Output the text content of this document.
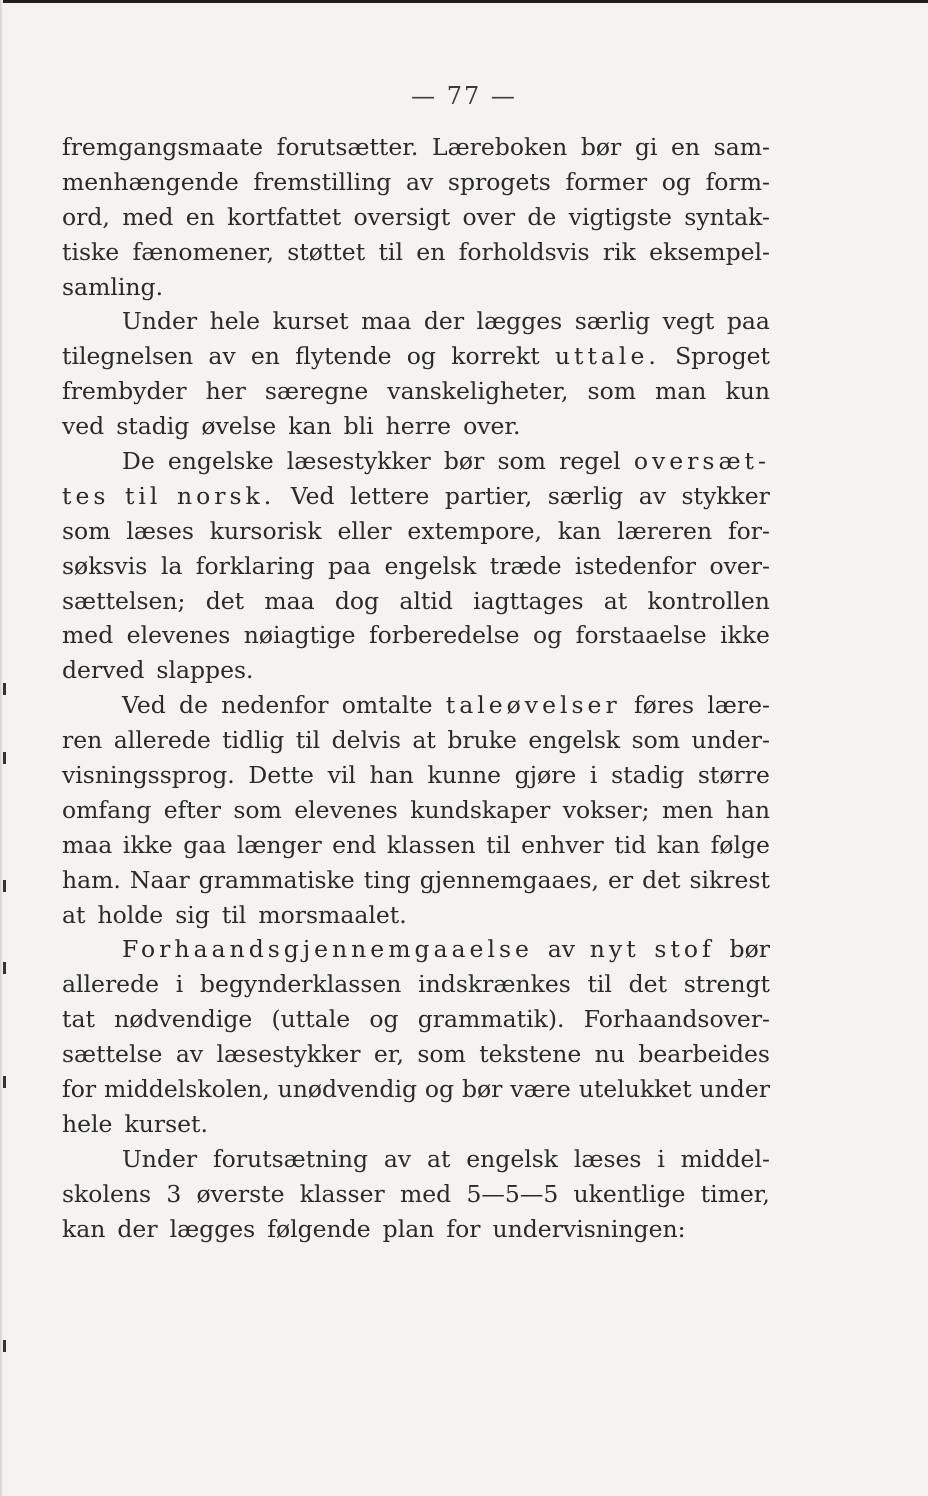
— 77 —
fremgangsmaate forutsætter. Læreboken bør gi en sam-
menhængende fremstilling av sprogets former og form-
ord, med en kortfattet oversigt over de vigtigste syntak-
tiske fænomener, støttet til en forholdsvis rik eksempel-
samling.
Under hele kurset maa der lægges særlig vegt paa
tilegnelsen av en flytende og korrekt uttale. Sproget
frembyder her særegne vanskeligheter, som man kun
ved stadig øvelse kan bli herre over.
De engelske læsestykker bør som regel oversæt-
tes til norsk. Ved lettere partier, særlig av stykker
som læses kursorisk eller extempore, kan læreren for-
søksvis la forklaring paa engelsk træde istedenfor over-
sættelsen; det maa dog altid iagttages at kontrollen
med elevenes nøiagtige forberedelse og forstaaelse ikke
derved slappes.
Ved de nedenfor omtalte taleøvelser føres lære-
ren allerede tidlig til delvis at bruke engelsk som under-
visningssprog. Dette vil han kunne gjøre i stadig større
omfang efter som elevenes kundskaper vokser; men han
maa ikke gaa længer end klassen til enhver tid kan følge
ham. Naar grammatiske ting gjennemgaaes, er det sikrest
at holde sig til morsmaalet.
Forhaandsgjennemgaaelse av nyt stof bør
allerede i begynderklassen indskrænkes til det strengt
tat nødvendige (uttale og grammatik). Forhaandsover-
sættelse av læsestykker er, som tekstene nu bearbeides
for middelskolen, unødvendig og bør være utelukket under
hele kurset.
Under forutsætning av at engelsk læses i middel-
skolens 3 øverste klasser med 5—5—5 ukentlige timer,
kan der lægges følgende plan for undervisningen:
